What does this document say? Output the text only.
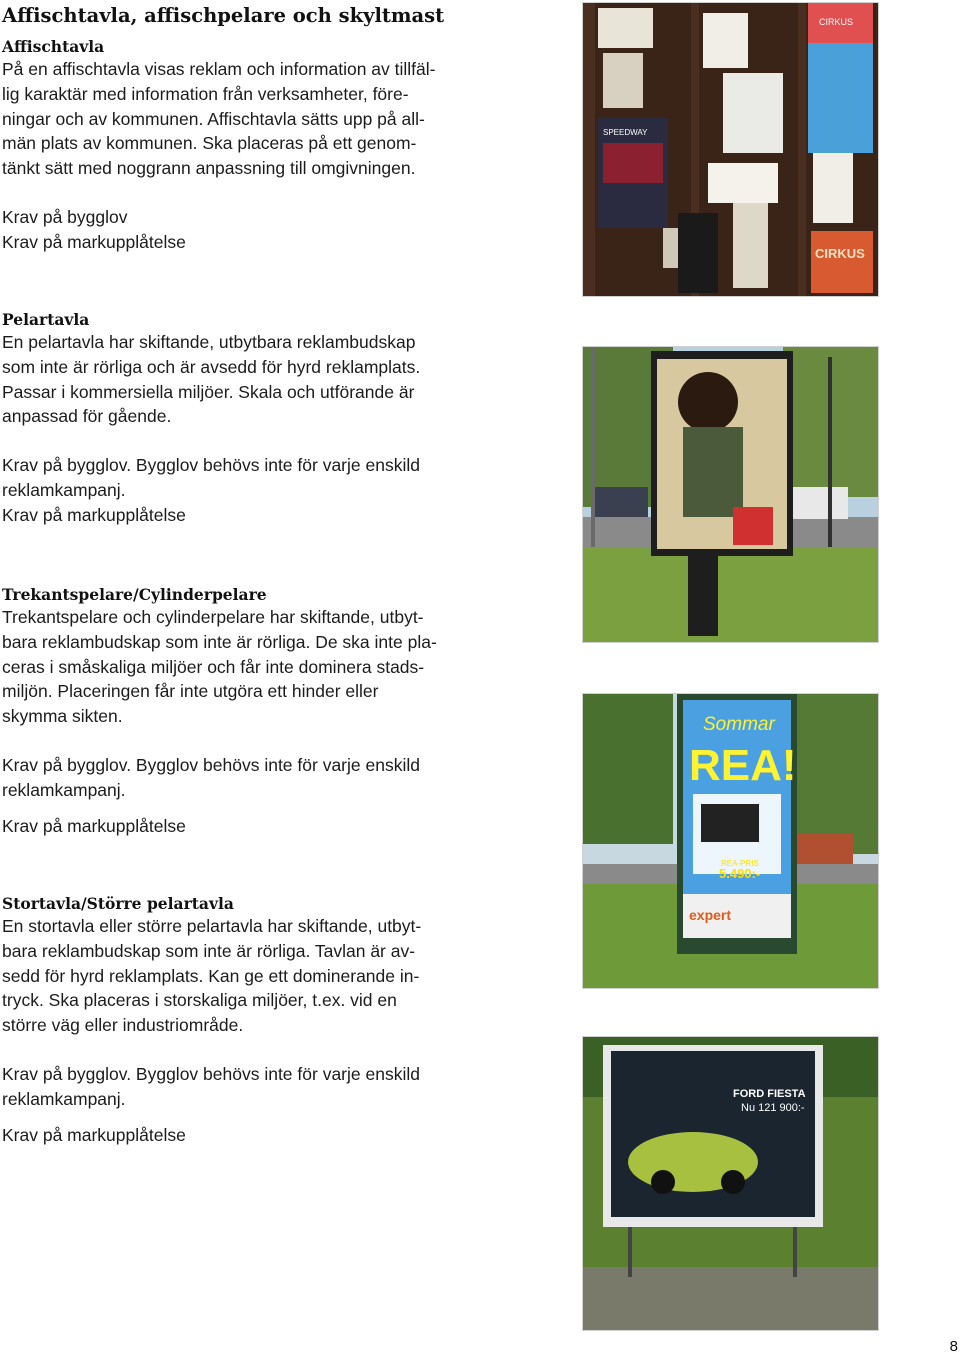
Affischtavla, affischpelare och skyltmast
Affischtavla

På en affischtavla visas reklam och information av tillfäl-
lig karaktär med information från verksamheter, före-
ningar och av kommunen. Affischtavla sätts upp på all-
män plats av kommunen. Ska placeras på ett genom-
tänkt sätt med noggrann anpassning till omgivningen.

Krav på bygglov

Krav på markupplåtelse

Pelartavla

En pelartavla har skiftande, utbytbara reklambudskap
som inte är rörliga och är avsedd för hyrd reklamplats.
Passar i kommersiella miljöer. Skala och utförande är
anpassad för gående.

Krav på bygglov. Bygglov behövs inte för varje enskild
reklamkampanj.

Krav på markupplåtelse

Trekantspelare/Cylinderpelare

Trekantspelare och cylinderpelare har skiftande, utbyt-
bara reklambudskap som inte är rörliga. De ska inte pla-
ceras i småskaliga miljöer och får inte dominera stads-
miljön. Placeringen får inte utgöra ett hinder eller
skymma sikten.

Krav på bygglov. Bygglov behövs inte för varje enskild
reklamkampanj.

Krav på markupplåtelse

Stortavla/Större pelartavla

En stortavla eller större pelartavla har skiftande, utbyt-
bara reklambudskap som inte är rörliga. Tavlan är av-
sedd för hyrd reklamplats. Kan ge ett dominerande in-
tryck. Ska placeras i storskaliga miljöer, t.ex. vid en
större väg eller industriområde.

Krav på bygglov. Bygglov behövs inte för varje enskild
reklamkampanj.

Krav på markupplåtelse

SPEEDWAY
CIRKUS
CIRKUS
Sommar
REA!
REA-PRIS
5.490:-
expert
FORD FIESTA
Nu 121 900:-
8
